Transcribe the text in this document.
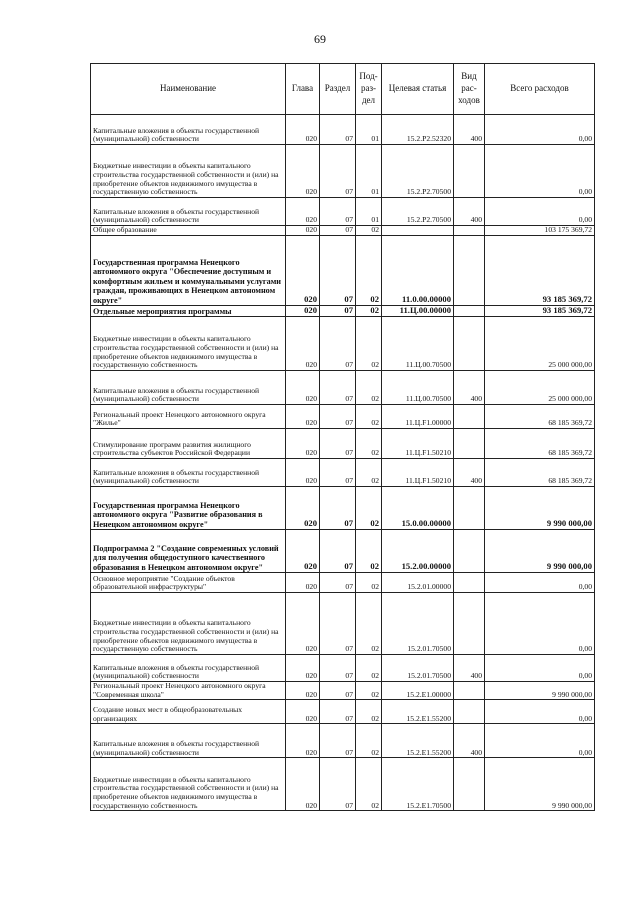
69
Наименование	Глава	Раздел	Под-раз-дел	Целевая статья	Вид рас-ходов	Всего расходов
Капитальные вложения в объекты государственной (муниципальной) собственности	020	07	01	15.2.Р2.52320	400	0,00
Бюджетные инвестиции в объекты капитального строительства государственной собственности и (или) на приобретение объектов недвижимого имущества в государственную собственность	020	07	01	15.2.Р2.70500		0,00
Капитальные вложения в объекты государственной (муниципальной) собственности	020	07	01	15.2.Р2.70500	400	0,00
Общее образование	020	07	02			103 175 369,72
Государственная программа Ненецкого автономного округа "Обеспечение доступным и комфортным жильем и коммунальными услугами граждан, проживающих в Ненецком автономном округе"	020	07	02	11.0.00.00000		93 185 369,72
Отдельные мероприятия программы	020	07	02	11.Ц.00.00000		93 185 369,72
Бюджетные инвестиции в объекты капитального строительства государственной собственности и (или) на приобретение объектов недвижимого имущества в государственную собственность	020	07	02	11.Ц.00.70500		25 000 000,00
Капитальные вложения в объекты государственной (муниципальной) собственности	020	07	02	11.Ц.00.70500	400	25 000 000,00
Региональный проект Ненецкого автономного округа "Жилье"	020	07	02	11.Ц.F1.00000		68 185 369,72
Стимулирование программ развития жилищного строительства субъектов Российской Федерации	020	07	02	11.Ц.F1.50210		68 185 369,72
Капитальные вложения в объекты государственной (муниципальной) собственности	020	07	02	11.Ц.F1.50210	400	68 185 369,72
Государственная программа Ненецкого автономного округа "Развитие образования в Ненецком автономном округе"	020	07	02	15.0.00.00000		9 990 000,00
Подпрограмма 2 "Создание современных условий для получения общедоступного качественного образования в Ненецком автономном округе"	020	07	02	15.2.00.00000		9 990 000,00
Основное мероприятие "Создание объектов образовательной инфраструктуры"	020	07	02	15.2.01.00000		0,00
Бюджетные инвестиции в объекты капитального строительства государственной собственности и (или) на приобретение объектов недвижимого имущества в государственную собственность	020	07	02	15.2.01.70500		0,00
Капитальные вложения в объекты государственной (муниципальной) собственности	020	07	02	15.2.01.70500	400	0,00
Региональный проект Ненецкого автономного округа "Современная школа"	020	07	02	15.2.E1.00000		9 990 000,00
Создание новых мест в общеобразовательных организациях	020	07	02	15.2.E1.55200		0,00
Капитальные вложения в объекты государственной (муниципальной) собственности	020	07	02	15.2.E1.55200	400	0,00
Бюджетные инвестиции в объекты капитального строительства государственной собственности и (или) на приобретение объектов недвижимого имущества в государственную собственность	020	07	02	15.2.E1.70500		9 990 000,00
